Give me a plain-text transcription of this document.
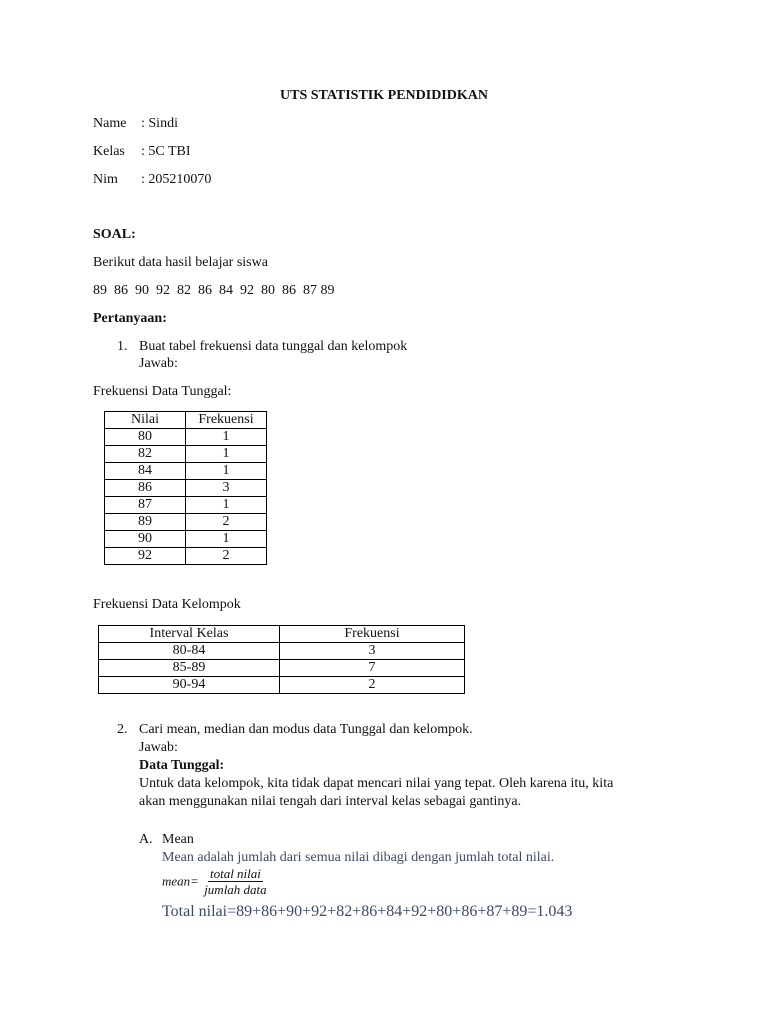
UTS STATISTIK PENDIDIDKAN
Name : Sindi
Kelas : 5C TBI
Nim : 205210070
SOAL:
Berikut data hasil belajar siswa
89  86  90  92  82  86  84  92  80  86  87 89
Pertanyaan:
1. Buat tabel frekuensi data tunggal dan kelompok
Jawab:
Frekuensi Data Tunggal:
Nilai	Frekuensi
80	1
82	1
84	1
86	3
87	1
89	2
90	1
92	2
Frekuensi Data Kelompok
Interval Kelas	Frekuensi
80-84	3
85-89	7
90-94	2
2. Cari mean, median dan modus data Tunggal dan kelompok.
Jawab:
Data Tunggal:
Untuk data kelompok, kita tidak dapat mencari nilai yang tepat. Oleh karena itu, kita
akan menggunakan nilai tengah dari interval kelas sebagai gantinya.
A. Mean
Mean adalah jumlah dari semua nilai dibagi dengan jumlah total nilai.
mean= $\frac{\text{total nilai}}{\text{jumlah data}}$
Total nilai=89+86+90+92+82+86+84+92+80+86+87+89=1.043
